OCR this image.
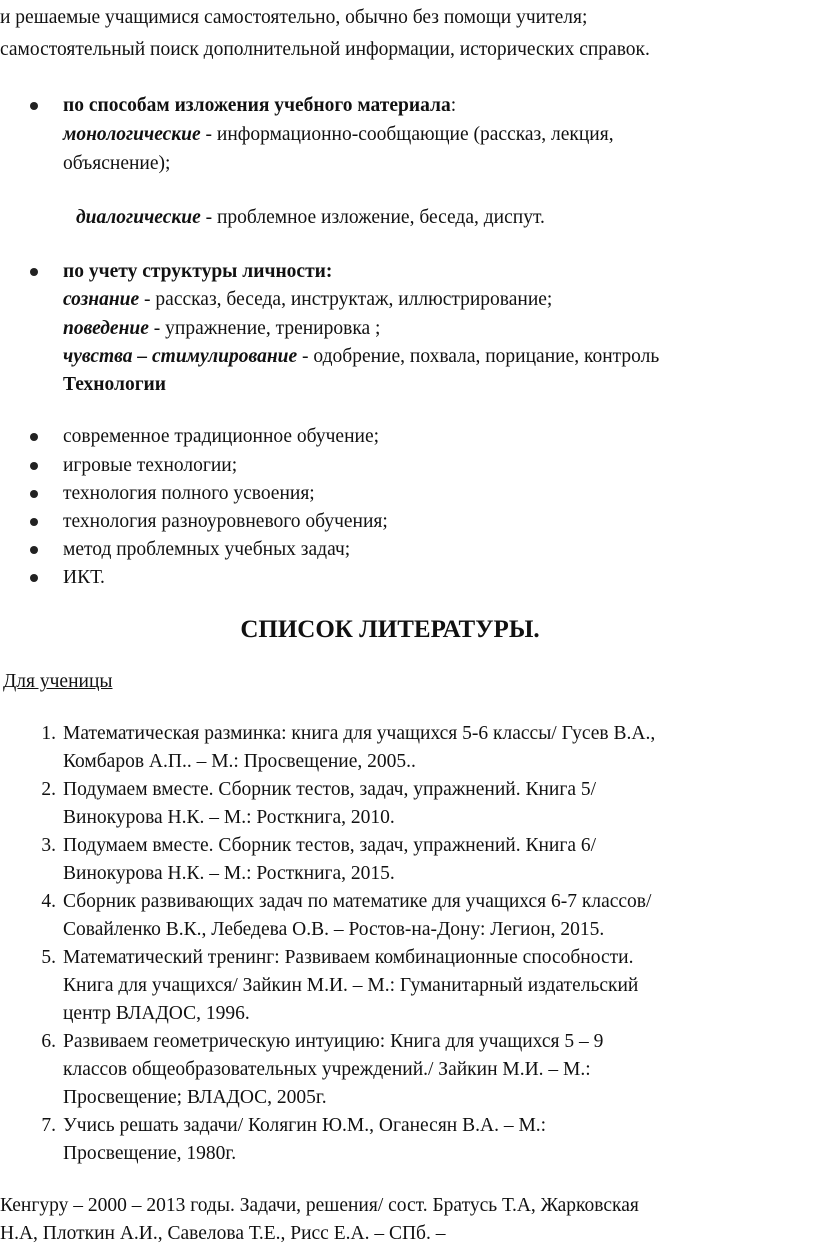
и решаемые учащимися самостоятельно, обычно без помощи учителя;
самостоятельный поиск дополнительной информации, исторических справок.
по способам изложения учебного материала:
монологические - информационно-сообщающие (рассказ, лекция,
объяснение);
диалогические - проблемное изложение, беседа, диспут.
по учету структуры личности:
сознание - рассказ, беседа, инструктаж, иллюстрирование;
поведение - упражнение, тренировка ;
чувства – стимулирование - одобрение, похвала, порицание, контроль
Технологии
современное традиционное обучение;
игровые технологии;
технология полного усвоения;
технология разноуровневого обучения;
метод проблемных учебных задач;
ИКТ.
СПИСОК ЛИТЕРАТУРЫ.
Для ученицы
1. Математическая разминка: книга для учащихся 5-6 классы/ Гусев В.А.,
Комбаров А.П.. – М.: Просвещение, 2005..
2. Подумаем вместе. Сборник тестов, задач, упражнений. Книга 5/
Винокурова Н.К. – М.: Росткнига, 2010.
3. Подумаем вместе. Сборник тестов, задач, упражнений. Книга 6/
Винокурова Н.К. – М.: Росткнига, 2015.
4. Сборник развивающих задач по математике для учащихся 6-7 классов/
Совайленко В.К., Лебедева О.В. – Ростов-на-Дону: Легион, 2015.
5. Математический тренинг: Развиваем комбинационные способности.
Книга для учащихся/ Зайкин М.И. – М.: Гуманитарный издательский
центр ВЛАДОС, 1996.
6. Развиваем геометрическую интуицию: Книга для учащихся 5 – 9
классов общеобразовательных учреждений./ Зайкин М.И. – М.:
Просвещение; ВЛАДОС, 2005г.
7. Учись решать задачи/ Колягин Ю.М., Оганесян В.А. – М.:
Просвещение, 1980г.
Кенгуру – 2000 – 2013 годы. Задачи, решения/ сост. Братусь Т.А, Жарковская
Н.А, Плоткин А.И., Савелова Т.Е., Рисс Е.А. – СПб. –
